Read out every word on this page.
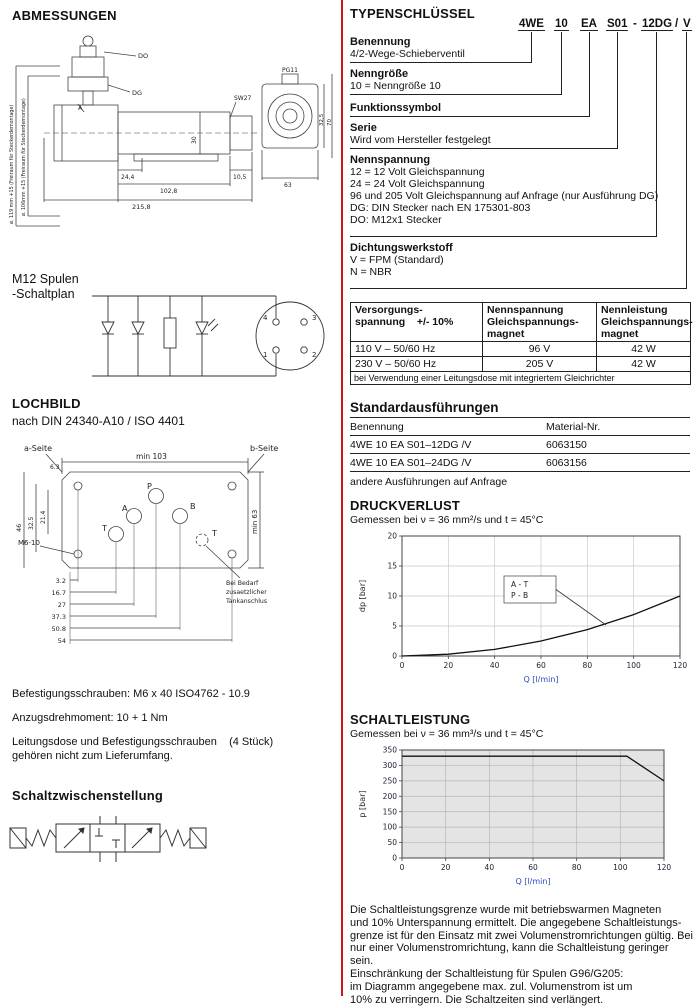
ABMESSUNGEN
ø. 119 mm +15 (Freiraum für Steckerdemontage) ø. 106mm +15 (Freiraum für Steckerdemontage)
DO
DG
A
SW27
PG11
24,4
102,8
215,8
10,5
30
63
32,5 70
M12 Spulen
-Schaltplan
4	3
1	2
LOCHBILD
nach DIN 24340-A10 / ISO 4401
a-Seite	b-Seite
min 103
6.3
46 32.5 21.4	min 63
A
P
B
T
T
M6-10
3.2
16.7
27
37.3
50.8
54
Bei Bedarf
zusaetzlicher
Tankanschlus
Befestigungsschrauben: M6 x 40 ISO4762 - 10.9
Anzugsdrehmoment: 10 + 1 Nm
Leitungsdose und Befestigungsschrauben    (4 Stück)
gehören nicht zum Lieferumfang.
Schaltzwischenstellung
TYPENSCHLÜSSEL
4WE 10 EA S01 - 12DG / V
Benennung
4/2-Wege-Schieberventil
Nenngröße
10 = Nenngröße 10
Funktionssymbol
Serie
Wird vom Hersteller festgelegt
Nennspannung
12 = 12 Volt Gleichspannung
24 = 24 Volt Gleichspannung
96 und 205 Volt Gleichspannung auf Anfrage (nur Ausführung DG)
DG: DIN Stecker nach EN 175301-803
DO: M12x1 Stecker
Dichtungswerkstoff
V = FPM (Standard)
N = NBR
Versorgungs-
spannung    +/- 10%

Nennspannung
Gleichspannungs-
magnet

Nennleistung
Gleichspannungs-
magnet

110 V – 50/60 Hz	96 V	42 W
230 V – 50/60 Hz	205 V	42 W
bei Verwendung einer Leitungsdose mit integriertem Gleichrichter		
Standardausführungen
Benennung	Material-Nr.
4WE 10 EA S01–12DG /V	6063150
4WE 10 EA S01–24DG /V	6063156
andere Ausführungen auf Anfrage
DRUCKVERLUST
Gemessen bei ν = 36 mm²/s und t = 45°C
0	20	40	60	80	100	120
0
5
10
15
20
Q [l/min]
dp [bar]	A - T
P - B
SCHALTLEISTUNG
Gemessen bei ν = 36 mm³/s und t = 45°C
0	20	40	60	80	100	120
0
50
100
150
200
250
300
350
Q [l/min]
p [bar]
Die Schaltleistungsgrenze wurde mit betriebswarmen Magneten
und 10% Unterspannung ermittelt. Die angegebene Schaltleistungs-
grenze ist für den Einsatz mit zwei Volumenstromrichtungen gültig. Bei
nur einer Volumenstromrichtung, kann die Schaltleistung geringer sein.
Einschränkung der Schaltleistung für Spulen G96/G205:
im Diagramm angegebene max. zul. Volumenstrom ist um
10% zu verringern. Die Schaltzeiten sind verlängert.
